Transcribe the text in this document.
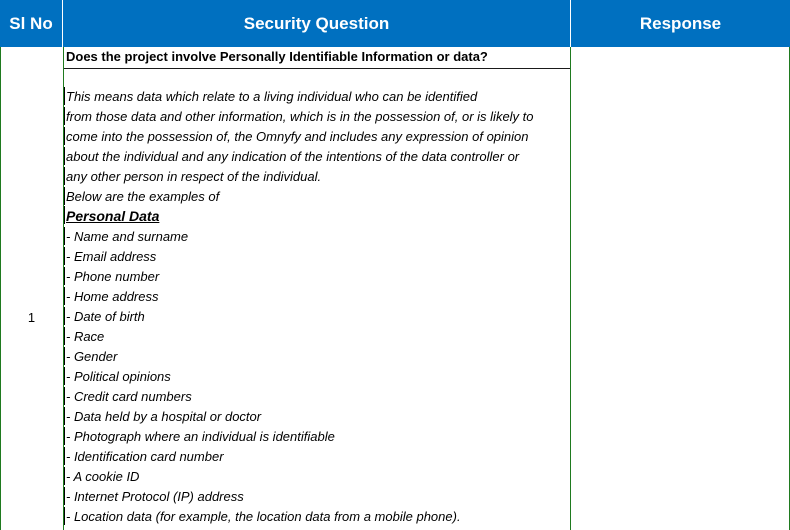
Sl No	Security Question	Response
1
Does the project involve Personally Identifiable Information or data?
This means data which relate to a living individual who can be identified
from those data and other information, which is in the possession of, or is likely to
come into the possession of, the Omnyfy and includes any expression of opinion
about the individual and any indication of the intentions of the data controller or
any other person in respect of the individual.
Below are the examples of
Personal Data
- Name and surname
- Email address
- Phone number
- Home address
- Date of birth
- Race
- Gender
- Political opinions
- Credit card numbers
- Data held by a hospital or doctor
- Photograph where an individual is identifiable
- Identification card number
- A cookie ID
- Internet Protocol (IP) address
- Location data (for example, the location data from a mobile phone).
